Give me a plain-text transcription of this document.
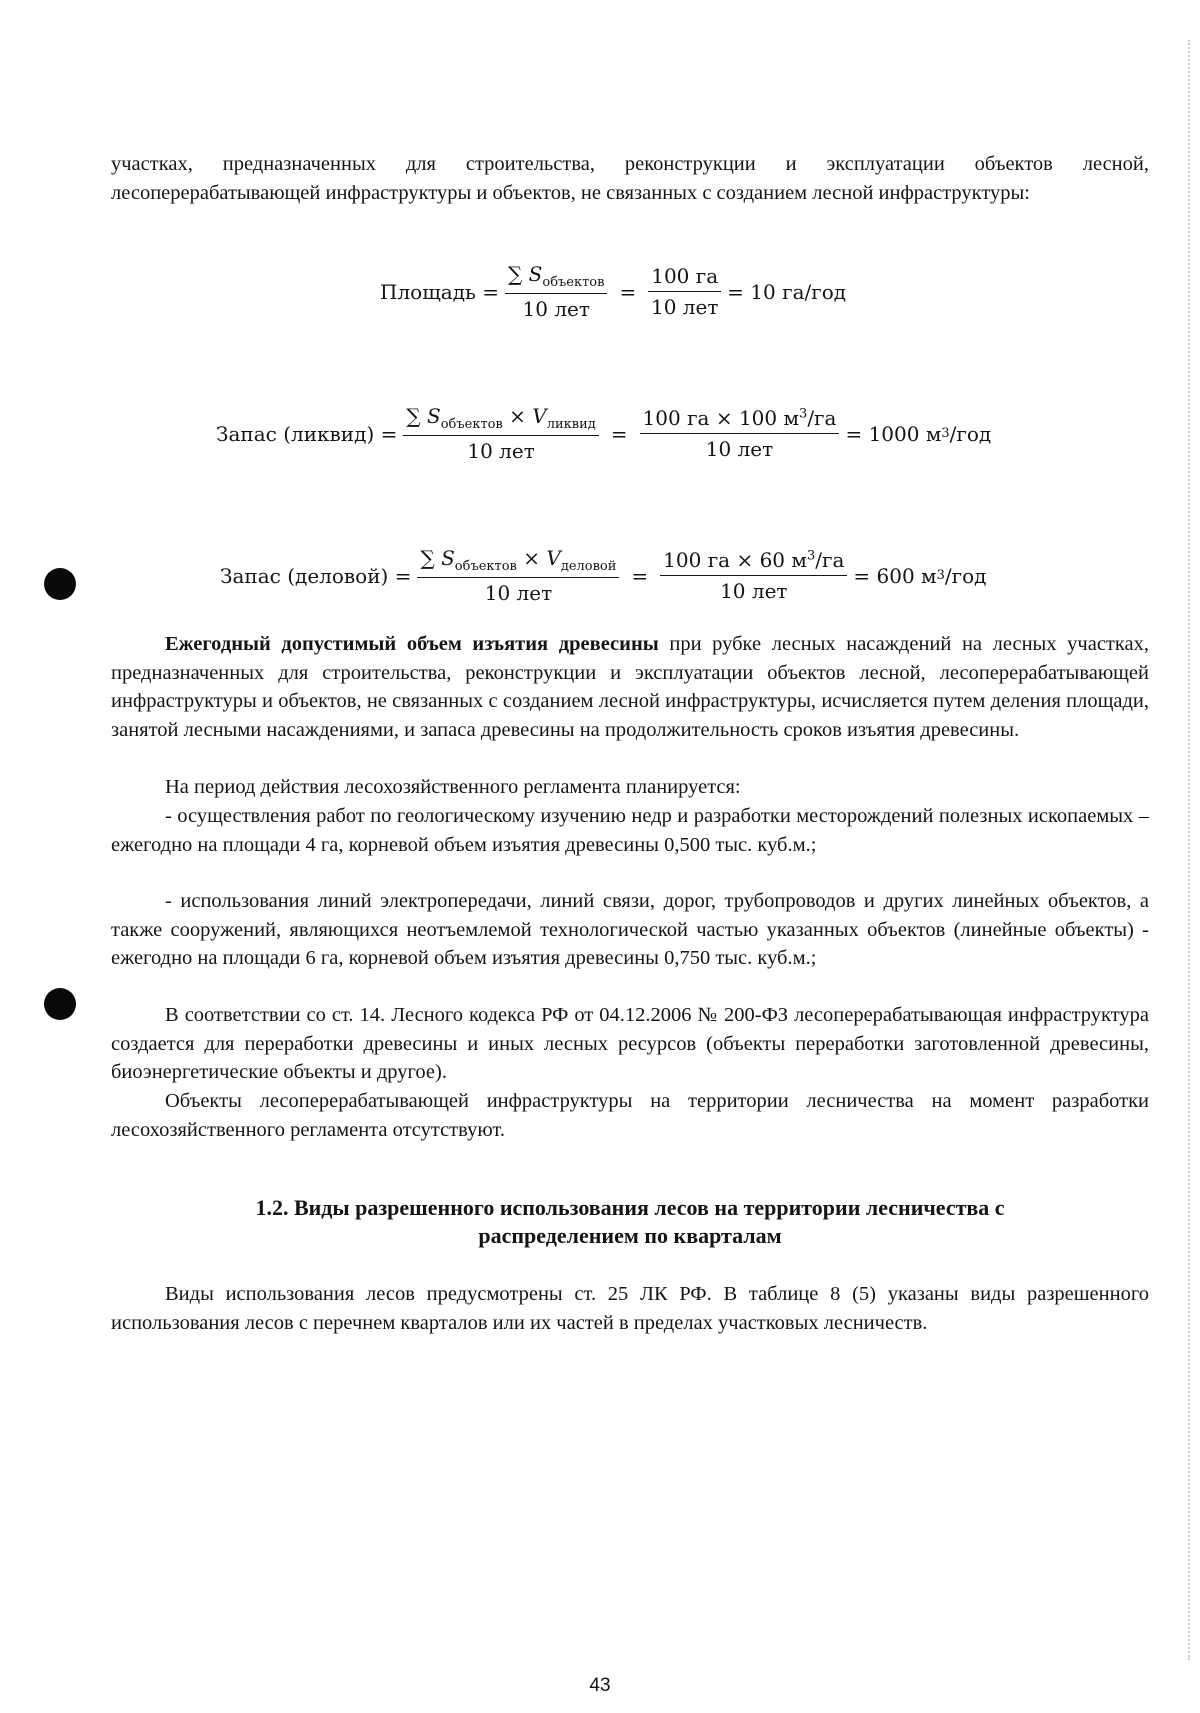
участках, предназначенных для строительства, реконструкции и эксплуатации объектов лесной, лесоперерабатывающей инфраструктуры и объектов, не связанных с созданием лесной инфраструктуры:

Площадь = $\frac{\sum S_{объектов}}{\text{10 лет}} = \frac{100 га}{\text{10 лет}} = 10$ га/год
Запас (ликвид) = $\frac{\sum S_{объектов} \times V_{ликвид}}{\text{10 лет}} = \frac{100 га \times 100 м^3/га}{\text{10 лет}} = 1000$ м 3 /год
Запас (деловой) = $\frac{\sum S_{объектов} \times V_{деловой}}{\text{10 лет}} = \frac{100 га \times 60 м^3/га}{\text{10 лет}} = 600$ м 3 /год

Ежегодный допустимый объем изъятия древесины при рубке лесных насаждений на лесных участках, предназначенных для строительства, реконструкции и эксплуатации объектов лесной, лесоперерабатывающей инфраструктуры и объектов, не связанных с созданием лесной инфраструктуры, исчисляется путем деления площади, занятой лесными насаждениями, и запаса древесины на продолжительность сроков изъятия древесины.

На период действия лесохозяйственного регламента планируется:

- осуществления работ по геологическому изучению недр и разработки месторождений полезных ископаемых – ежегодно на площади 4 га, корневой объем изъятия древесины 0,500 тыс. куб.м.;

- использования линий электропередачи, линий связи, дорог, трубопроводов и других линейных объектов, а также сооружений, являющихся неотъемлемой технологической частью указанных объектов (линейные объекты) - ежегодно на площади 6 га, корневой объем изъятия древесины 0,750 тыс. куб.м.;

В соответствии со ст. 14. Лесного кодекса РФ от 04.12.2006 № 200-ФЗ лесоперерабатывающая инфраструктура создается для переработки древесины и иных лесных ресурсов (объекты переработки заготовленной древесины, биоэнергетические объекты и другое).

Объекты лесоперерабатывающей инфраструктуры на территории лесничества на момент разработки лесохозяйственного регламента отсутствуют.

1.2. Виды разрешенного использования лесов на территории лесничества с
распределением по кварталам

Виды использования лесов предусмотрены ст. 25 ЛК РФ. В таблице 8 (5) указаны виды разрешенного использования лесов с перечнем кварталов или их частей в пределах участковых лесничеств.

43
